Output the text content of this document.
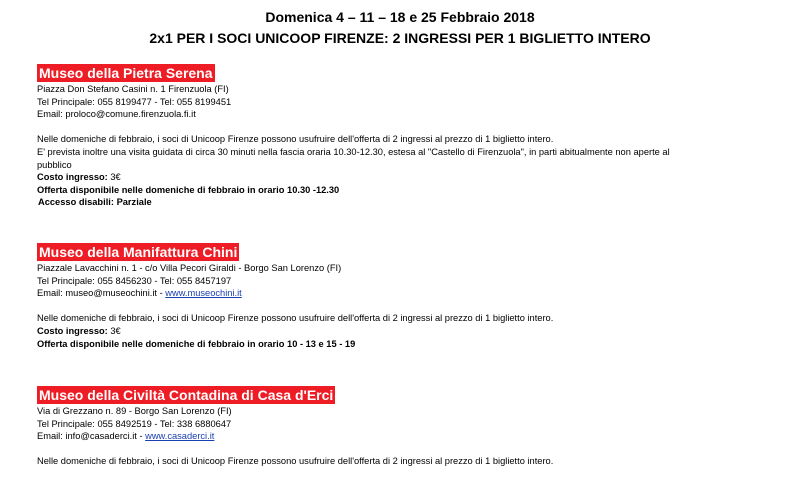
Domenica 4 – 11 – 18 e 25 Febbraio 2018
2x1 PER I SOCI UNICOOP FIRENZE: 2 INGRESSI PER 1 BIGLIETTO INTERO
Museo della Pietra Serena
Piazza Don Stefano Casini n. 1 Firenzuola (FI)
Tel Principale: 055 8199477 - Tel: 055 8199451
Email: proloco@comune.firenzuola.fi.it
Nelle domeniche di febbraio, i soci di Unicoop Firenze possono usufruire dell'offerta di 2 ingressi al prezzo di 1 biglietto intero.
E' prevista inoltre una visita guidata di circa 30 minuti nella fascia oraria 10.30-12.30, estesa al "Castello di Firenzuola", in parti abitualmente non aperte al
pubblico
Costo ingresso: 3€
Offerta disponibile nelle domeniche di febbraio in orario 10.30 -12.30
Accesso disabili: Parziale
Museo della Manifattura Chini
Piazzale Lavacchini n. 1 - c/o Villa Pecori Giraldi - Borgo San Lorenzo (FI)
Tel Principale: 055 8456230 - Tel: 055 8457197
Email: museo@museochini.it - www.museochini.it
Nelle domeniche di febbraio, i soci di Unicoop Firenze possono usufruire dell'offerta di 2 ingressi al prezzo di 1 biglietto intero.
Costo ingresso: 3€
Offerta disponibile nelle domeniche di febbraio in orario 10 - 13 e 15 - 19
Museo della Civiltà Contadina di Casa d'Erci
Via di Grezzano n. 89 - Borgo San Lorenzo (FI)
Tel Principale: 055 8492519 - Tel: 338 6880647
Email: info@casaderci.it - www.casaderci.it
Nelle domeniche di febbraio, i soci di Unicoop Firenze possono usufruire dell'offerta di 2 ingressi al prezzo di 1 biglietto intero.
